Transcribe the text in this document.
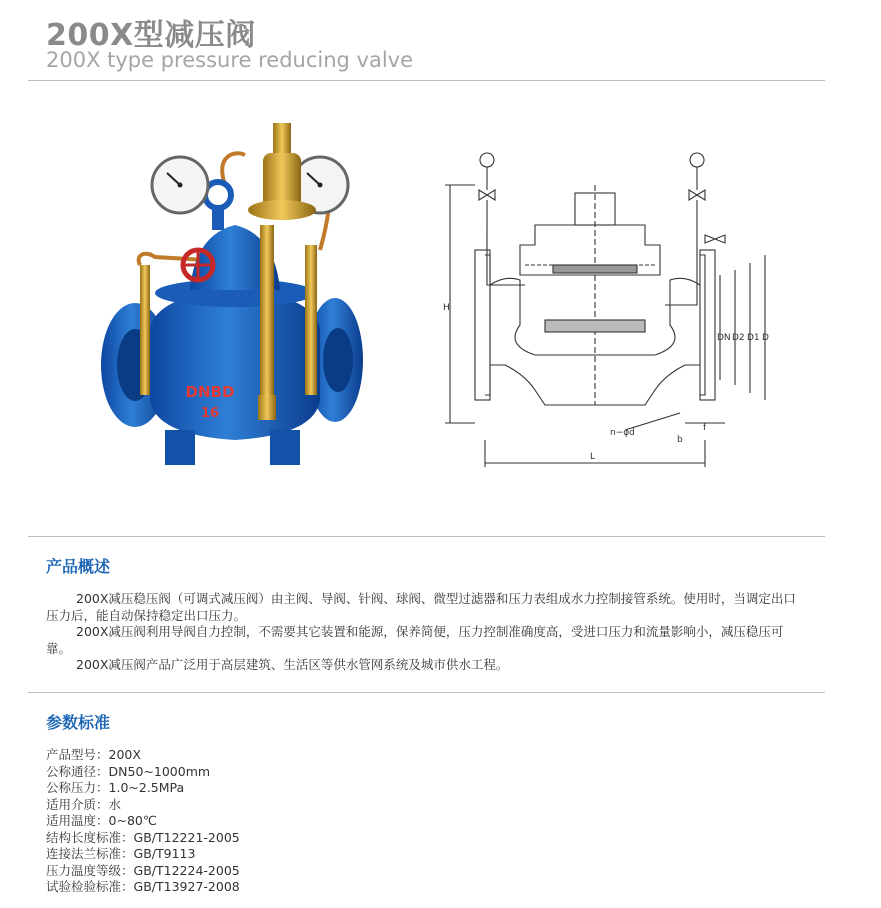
200X型减压阀
200X type pressure reducing valve
DNBD
16
H
DN D2 D1 D
L
n−φd
b
f
产品概述

200X减压稳压阀（可调式减压阀）由主阀、导阀、针阀、球阀、微型过滤器和压力表组成水力控制接管系统。使用时，当调定出口压力后，能自动保持稳定出口压力。

200X减压阀利用导阀自力控制，不需要其它装置和能源，保养简便，压力控制准确度高，受进口压力和流量影响小，减压稳压可靠。

200X减压阀产品广泛用于高层建筑、生活区等供水管网系统及城市供水工程。

参数标准
产品型号：200X
公称通径：DN50~1000mm
公称压力：1.0~2.5MPa
适用介质：水
适用温度：0~80℃
结构长度标准：GB/T12221-2005
连接法兰标准：GB/T9113
压力温度等级：GB/T12224-2005
试验检验标准：GB/T13927-2008
